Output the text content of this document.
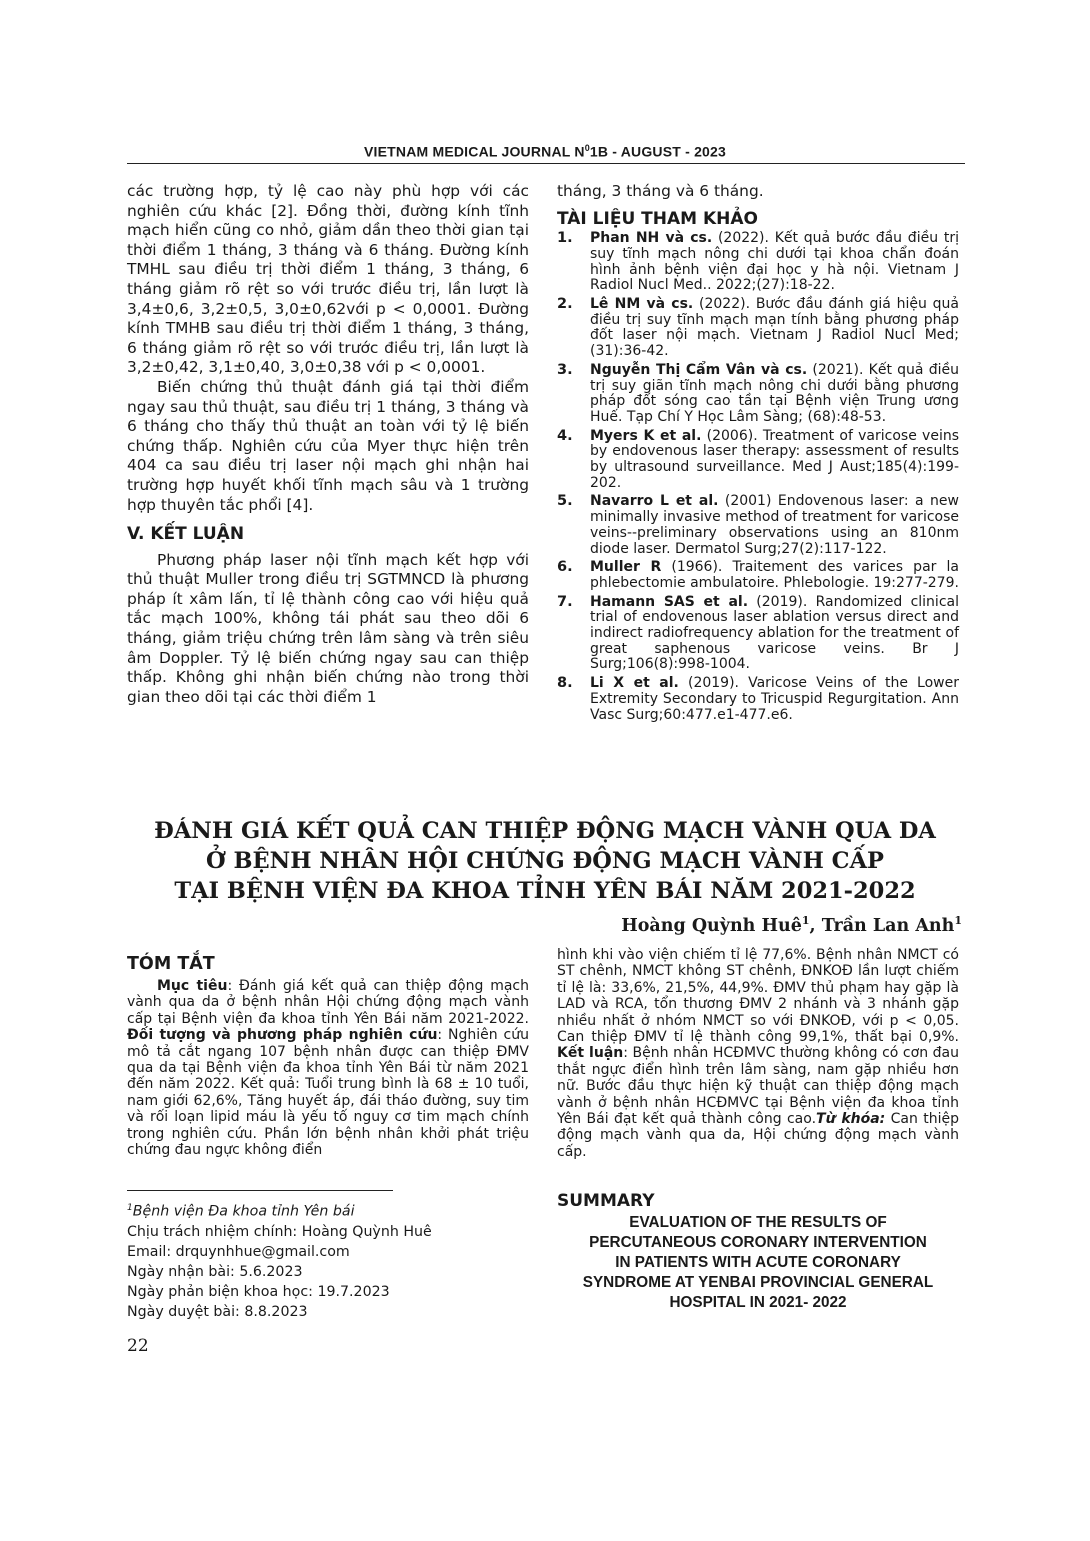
VIETNAM MEDICAL JOURNAL $N^01B$ - AUGUST - 2023

các trường hợp, tỷ lệ cao này phù hợp với các nghiên cứu khác [2]. Đồng thời, đường kính tĩnh mạch hiển cũng co nhỏ, giảm dần theo thời gian tại thời điểm 1 tháng, 3 tháng và 6 tháng. Đường kính TMHL sau điều trị thời điểm 1 tháng, 3 tháng, 6 tháng giảm rõ rệt so với trước điều trị, lần lượt là 3,4±0,6, 3,2±0,5, 3,0±0,62với p < 0,0001. Đường kính TMHB sau điều trị thời điểm 1 tháng, 3 tháng, 6 tháng giảm rõ rệt so với trước điều trị, lần lượt là 3,2±0,42, 3,1±0,40, 3,0±0,38 với p < 0,0001.

Biến chứng thủ thuật đánh giá tại thời điểm ngay sau thủ thuật, sau điều trị 1 tháng, 3 tháng và 6 tháng cho thấy thủ thuật an toàn với tỷ lệ biến chứng thấp. Nghiên cứu của Myer thực hiện trên 404 ca sau điều trị laser nội mạch ghi nhận hai trường hợp huyết khối tĩnh mạch sâu và 1 trường hợp thuyên tắc phổi [4].

V. KẾT LUẬN

Phương pháp laser nội tĩnh mạch kết hợp với thủ thuật Muller trong điều trị SGTMNCD là phương pháp ít xâm lấn, tỉ lệ thành công cao với hiệu quả tắc mạch 100%, không tái phát sau theo dõi 6 tháng, giảm triệu chứng trên lâm sàng và trên siêu âm Doppler. Tỷ lệ biến chứng ngay sau can thiệp thấp. Không ghi nhận biến chứng nào trong thời gian theo dõi tại các thời điểm 1

tháng, 3 tháng và 6 tháng.

TÀI LIỆU THAM KHẢO
1.	Phan NH và cs. (2022). Kết quả bước đầu điều trị suy tĩnh mạch nông chi dưới tại khoa chẩn đoán hình ảnh bệnh viện đại học y hà nội. Vietnam J Radiol Nucl Med.. 2022;(27):18-22.
2.	Lê NM và cs. (2022). Bước đầu đánh giá hiệu quả điều trị suy tĩnh mạch mạn tính bằng phương pháp đốt laser nội mạch. Vietnam J Radiol Nucl Med;(31):36-42.
3.	Nguyễn Thị Cẩm Vân và cs. (2021). Kết quả điều trị suy giãn tĩnh mạch nông chi dưới bằng phương pháp đốt sóng cao tần tại Bệnh viện Trung ương Huế. Tạp Chí Y Học Lâm Sàng; (68):48-53.
4.	Myers K et al. (2006). Treatment of varicose veins by endovenous laser therapy: assessment of results by ultrasound surveillance. Med J Aust;185(4):199-202.
5.	Navarro L et al. (2001) Endovenous laser: a new minimally invasive method of treatment for varicose veins--preliminary observations using an 810nm diode laser. Dermatol Surg;27(2):117-122.
6.	Muller R (1966). Traitement des varices par la phlebectomie ambulatoire. Phlebologie. 19:277-279.
7.	Hamann SAS et al. (2019). Randomized clinical trial of endovenous laser ablation versus direct and indirect radiofrequency ablation for the treatment of great saphenous varicose veins. Br J Surg;106(8):998-1004.
8.	Li X et al. (2019). Varicose Veins of the Lower Extremity Secondary to Tricuspid Regurgitation. Ann Vasc Surg;60:477.e1-477.e6.
ĐÁNH GIÁ KẾT QUẢ CAN THIỆP ĐỘNG MẠCH VÀNH QUA DA
Ở BỆNH NHÂN HỘI CHỨNG ĐỘNG MẠCH VÀNH CẤP
TẠI BỆNH VIỆN ĐA KHOA TỈNH YÊN BÁI NĂM 2021-2022
Hoàng Quỳnh Huê$^1$, Trần Lan Anh$^1$
TÓM TẮT
Mục tiêu: Đánh giá kết quả can thiệp động mạch vành qua da ở bệnh nhân Hội chứng động mạch vành cấp tại Bệnh viện đa khoa tỉnh Yên Bái năm 2021-2022. Đối tượng và phương pháp nghiên cứu: Nghiên cứu mô tả cắt ngang 107 bệnh nhân được can thiệp ĐMV qua da tại Bệnh viện đa khoa tỉnh Yên Bái từ năm 2021 đến năm 2022. Kết quả: Tuổi trung bình là 68 ± 10 tuổi, nam giới 62,6%, Tăng huyết áp, đái tháo đường, suy tim và rối loạn lipid máu là yếu tố nguy cơ tim mạch chính trong nghiên cứu. Phần lớn bệnh nhân khởi phát triệu chứng đau ngực không điển
hình khi vào viện chiếm tỉ lệ 77,6%. Bệnh nhân NMCT có ST chênh, NMCT không ST chênh, ĐNKOĐ lần lượt chiếm tỉ lệ là: 33,6%, 21,5%, 44,9%. ĐMV thủ phạm hay gặp là LAD và RCA, tổn thương ĐMV 2 nhánh và 3 nhánh gặp nhiều nhất ở nhóm NMCT so với ĐNKOĐ, với p < 0,05. Can thiệp ĐMV tỉ lệ thành công 99,1%, thất bại 0,9%. Kết luận: Bệnh nhân HCĐMVC thường không có cơn đau thắt ngực điển hình trên lâm sàng, nam gặp nhiều hơn nữ. Bước đầu thực hiện kỹ thuật can thiệp động mạch vành ở bệnh nhân HCĐMVC tại Bệnh viện đa khoa tỉnh Yên Bái đạt kết quả thành công cao.Từ khóa: Can thiệp động mạch vành qua da, Hội chứng động mạch vành cấp.
$^1$Bệnh viện Đa khoa tỉnh Yên bái
Chịu trách nhiệm chính: Hoàng Quỳnh Huê
Email: drquynhhue@gmail.com
Ngày nhận bài: 5.6.2023
Ngày phản biện khoa học: 19.7.2023
Ngày duyệt bài: 8.8.2023
22
SUMMARY
EVALUATION OF THE RESULTS OF
PERCUTANEOUS CORONARY INTERVENTION
IN PATIENTS WITH ACUTE CORONARY
SYNDROME AT YENBAI PROVINCIAL GENERAL
HOSPITAL IN 2021- 2022
